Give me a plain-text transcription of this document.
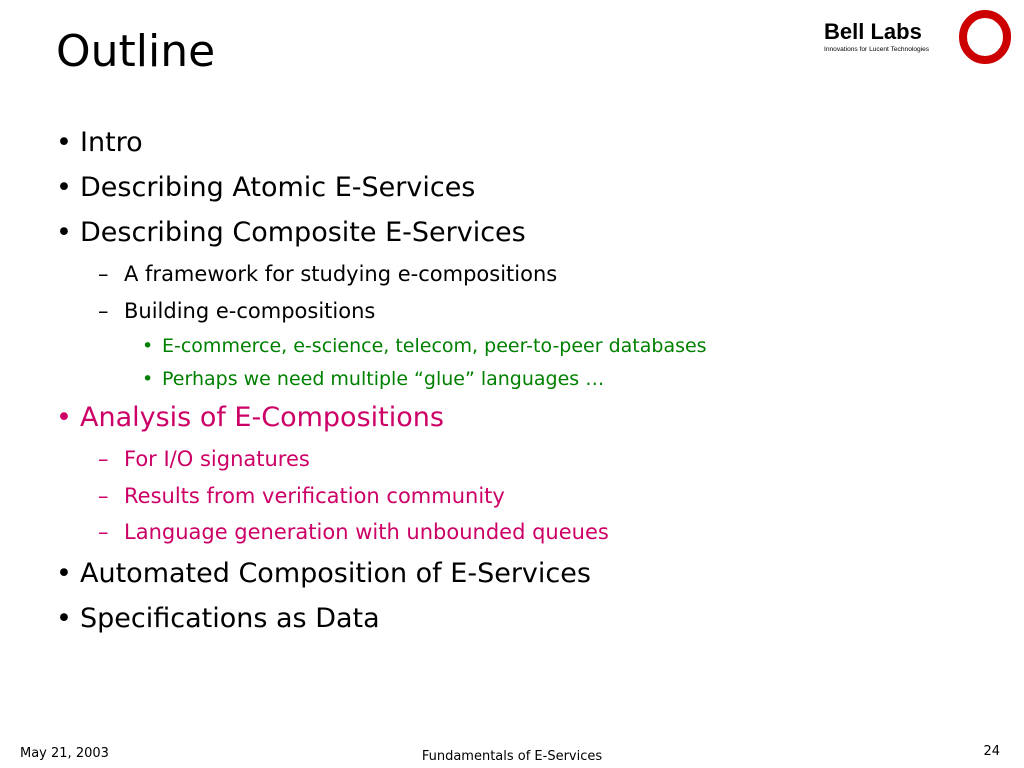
Outline	Bell Labs
Innovations for Lucent Technologies
• Intro
• Describing Atomic E-Services
• Describing Composite E-Services
– A framework for studying e-compositions
– Building e-compositions
• E-commerce, e-science, telecom, peer-to-peer databases
• Perhaps we need multiple “glue” languages …
• Analysis of E-Compositions
– For I/O signatures
– Results from verification community
– Language generation with unbounded queues
• Automated Composition of E-Services
• Specifications as Data
May 21, 2003	Fundamentals of E-Services	24
